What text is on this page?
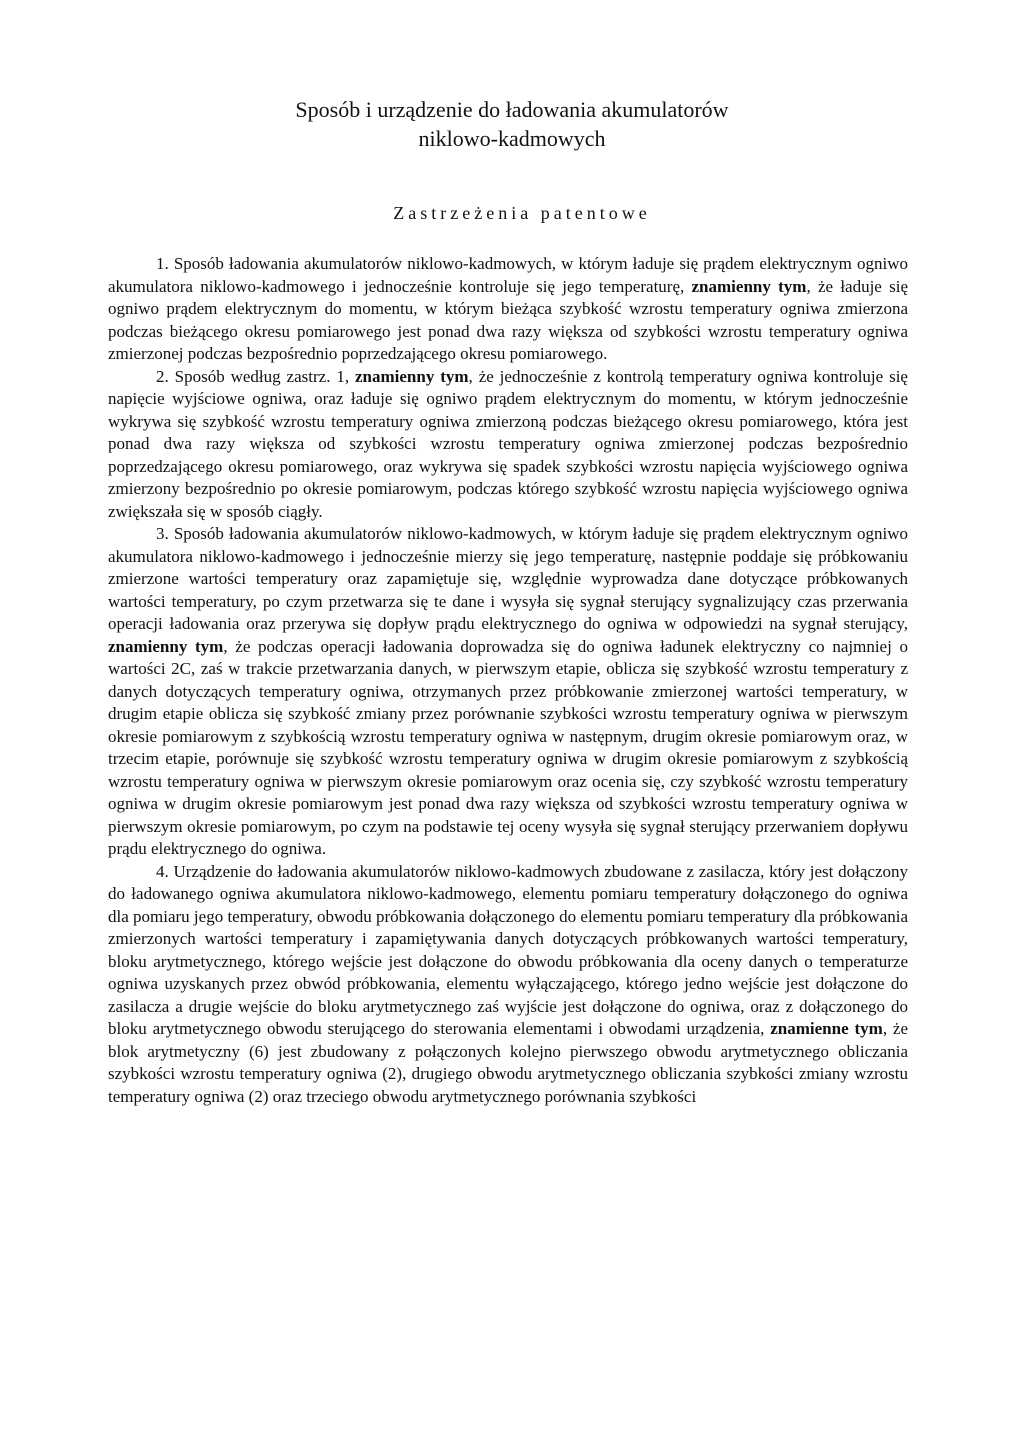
Sposób i urządzenie do ładowania akumulatorów
niklowo-kadmowych
Zastrzeżenia patentowe

1. Sposób ładowania akumulatorów niklowo-kadmowych, w którym ładuje się prądem elektrycznym ogniwo akumulatora niklowo-kadmowego i jednocześnie kontroluje się jego temperaturę, znamienny tym, że ładuje się ogniwo prądem elektrycznym do momentu, w którym bieżąca szybkość wzrostu temperatury ogniwa zmierzona podczas bieżącego okresu pomiarowego jest ponad dwa razy większa od szybkości wzrostu temperatury ogniwa zmierzonej podczas bezpośrednio poprzedzającego okresu pomiarowego.

2. Sposób według zastrz. 1, znamienny tym, że jednocześnie z kontrolą temperatury ogniwa kontroluje się napięcie wyjściowe ogniwa, oraz ładuje się ogniwo prądem elektrycznym do momentu, w którym jednocześnie wykrywa się szybkość wzrostu temperatury ogniwa zmierzoną podczas bieżącego okresu pomiarowego, która jest ponad dwa razy większa od szybkości wzrostu temperatury ogniwa zmierzonej podczas bezpośrednio poprzedzającego okresu pomiarowego, oraz wykrywa się spadek szybkości wzrostu napięcia wyjściowego ogniwa zmierzony bezpośrednio po okresie pomiarowym, podczas którego szybkość wzrostu napięcia wyjściowego ogniwa zwiększała się w sposób ciągły.

3. Sposób ładowania akumulatorów niklowo-kadmowych, w którym ładuje się prądem elektrycznym ogniwo akumulatora niklowo-kadmowego i jednocześnie mierzy się jego temperaturę, następnie poddaje się próbkowaniu zmierzone wartości temperatury oraz zapamiętuje się, względnie wyprowadza dane dotyczące próbkowanych wartości temperatury, po czym przetwarza się te dane i wysyła się sygnał sterujący sygnalizujący czas przerwania operacji ładowania oraz przerywa się dopływ prądu elektrycznego do ogniwa w odpowiedzi na sygnał sterujący, znamienny tym, że podczas operacji ładowania doprowadza się do ogniwa ładunek elektryczny co najmniej o wartości 2C, zaś w trakcie przetwarzania danych, w pierwszym etapie, oblicza się szybkość wzrostu temperatury z danych dotyczących temperatury ogniwa, otrzymanych przez próbkowanie zmierzonej wartości temperatury, w drugim etapie oblicza się szybkość zmiany przez porównanie szybkości wzrostu temperatury ogniwa w pierwszym okresie pomiarowym z szybkością wzrostu temperatury ogniwa w następnym, drugim okresie pomiarowym oraz, w trzecim etapie, porównuje się szybkość wzrostu temperatury ogniwa w drugim okresie pomiarowym z szybkością wzrostu temperatury ogniwa w pierwszym okresie pomiarowym oraz ocenia się, czy szybkość wzrostu temperatury ogniwa w drugim okresie pomiarowym jest ponad dwa razy większa od szybkości wzrostu temperatury ogniwa w pierwszym okresie pomiarowym, po czym na podstawie tej oceny wysyła się sygnał sterujący przerwaniem dopływu prądu elektrycznego do ogniwa.

4. Urządzenie do ładowania akumulatorów niklowo-kadmowych zbudowane z zasilacza, który jest dołączony do ładowanego ogniwa akumulatora niklowo-kadmowego, elementu pomiaru temperatury dołączonego do ogniwa dla pomiaru jego temperatury, obwodu próbkowania dołączonego do elementu pomiaru temperatury dla próbkowania zmierzonych wartości temperatury i zapamiętywania danych dotyczących próbkowanych wartości temperatury, bloku arytmetycznego, którego wejście jest dołączone do obwodu próbkowania dla oceny danych o temperaturze ogniwa uzyskanych przez obwód próbkowania, elementu wyłączającego, którego jedno wejście jest dołączone do zasilacza a drugie wejście do bloku arytmetycznego zaś wyjście jest dołączone do ogniwa, oraz z dołączonego do bloku arytmetycznego obwodu sterującego do sterowania elementami i obwodami urządzenia, znamienne tym, że blok arytmetyczny (6) jest zbudowany z połączonych kolejno pierwszego obwodu arytmetycznego obliczania szybkości wzrostu temperatury ogniwa (2), drugiego obwodu arytmetycznego obliczania szybkości zmiany wzrostu temperatury ogniwa (2) oraz trzeciego obwodu arytmetycznego porównania szybkości
